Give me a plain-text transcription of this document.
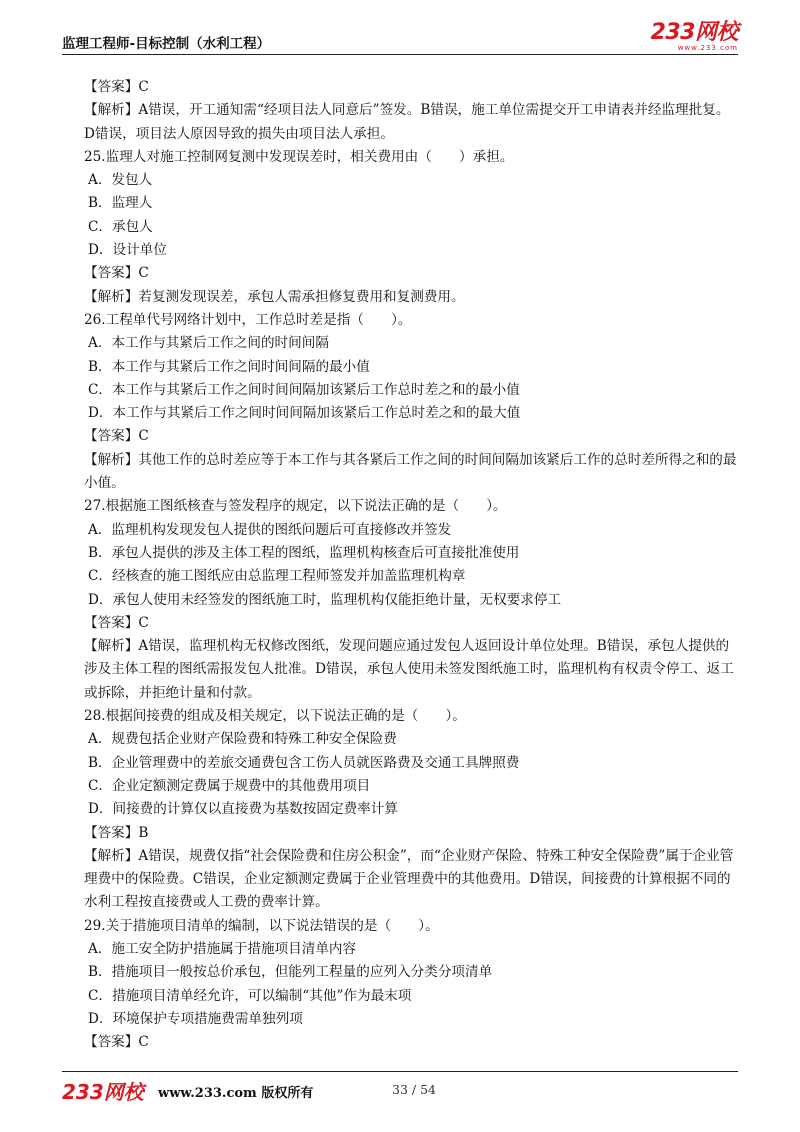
监理工程师-目标控制（水利工程）	233网校
www.233.com
【答案】C
【解析】A错误，开工通知需“经项目法人同意后”签发。B错误，施工单位需提交开工申请表并经监理批复。D错误，项目法人原因导致的损失由项目法人承担。
25.监理人对施工控制网复测中发现误差时，相关费用由（　　）承担。
A．发包人
B．监理人
C．承包人
D．设计单位
【答案】C
【解析】若复测发现误差，承包人需承担修复费用和复测费用。
26.工程单代号网络计划中，工作总时差是指（　　）。
A．本工作与其紧后工作之间的时间间隔
B．本工作与其紧后工作之间时间间隔的最小值
C．本工作与其紧后工作之间时间间隔加该紧后工作总时差之和的最小值
D．本工作与其紧后工作之间时间间隔加该紧后工作总时差之和的最大值
【答案】C
【解析】其他工作的总时差应等于本工作与其各紧后工作之间的时间间隔加该紧后工作的总时差所得之和的最小值。
27.根据施工图纸核查与签发程序的规定，以下说法正确的是（　　）。
A．监理机构发现发包人提供的图纸问题后可直接修改并签发
B．承包人提供的涉及主体工程的图纸，监理机构核查后可直接批准使用
C．经核查的施工图纸应由总监理工程师签发并加盖监理机构章
D．承包人使用未经签发的图纸施工时，监理机构仅能拒绝计量，无权要求停工
【答案】C
【解析】A错误，监理机构无权修改图纸，发现问题应通过发包人返回设计单位处理。B错误，承包人提供的涉及主体工程的图纸需报发包人批准。D错误，承包人使用未签发图纸施工时，监理机构有权责令停工、返工或拆除，并拒绝计量和付款。
28.根据间接费的组成及相关规定，以下说法正确的是（　　）。
A．规费包括企业财产保险费和特殊工种安全保险费
B．企业管理费中的差旅交通费包含工伤人员就医路费及交通工具牌照费
C．企业定额测定费属于规费中的其他费用项目
D．间接费的计算仅以直接费为基数按固定费率计算
【答案】B
【解析】A错误，规费仅指“社会保险费和住房公积金”，而“企业财产保险、特殊工种安全保险费”属于企业管理费中的保险费。C错误，企业定额测定费属于企业管理费中的其他费用。D错误，间接费的计算根据不同的水利工程按直接费或人工费的费率计算。
29.关于措施项目清单的编制，以下说法错误的是（　　）。
A．施工安全防护措施属于措施项目清单内容
B．措施项目一般按总价承包，但能列工程量的应列入分类分项清单
C．措施项目清单经允许，可以编制“其他”作为最末项
D．环境保护专项措施费需单独列项
【答案】C
233网校 www.233.com 版权所有	33 / 54
